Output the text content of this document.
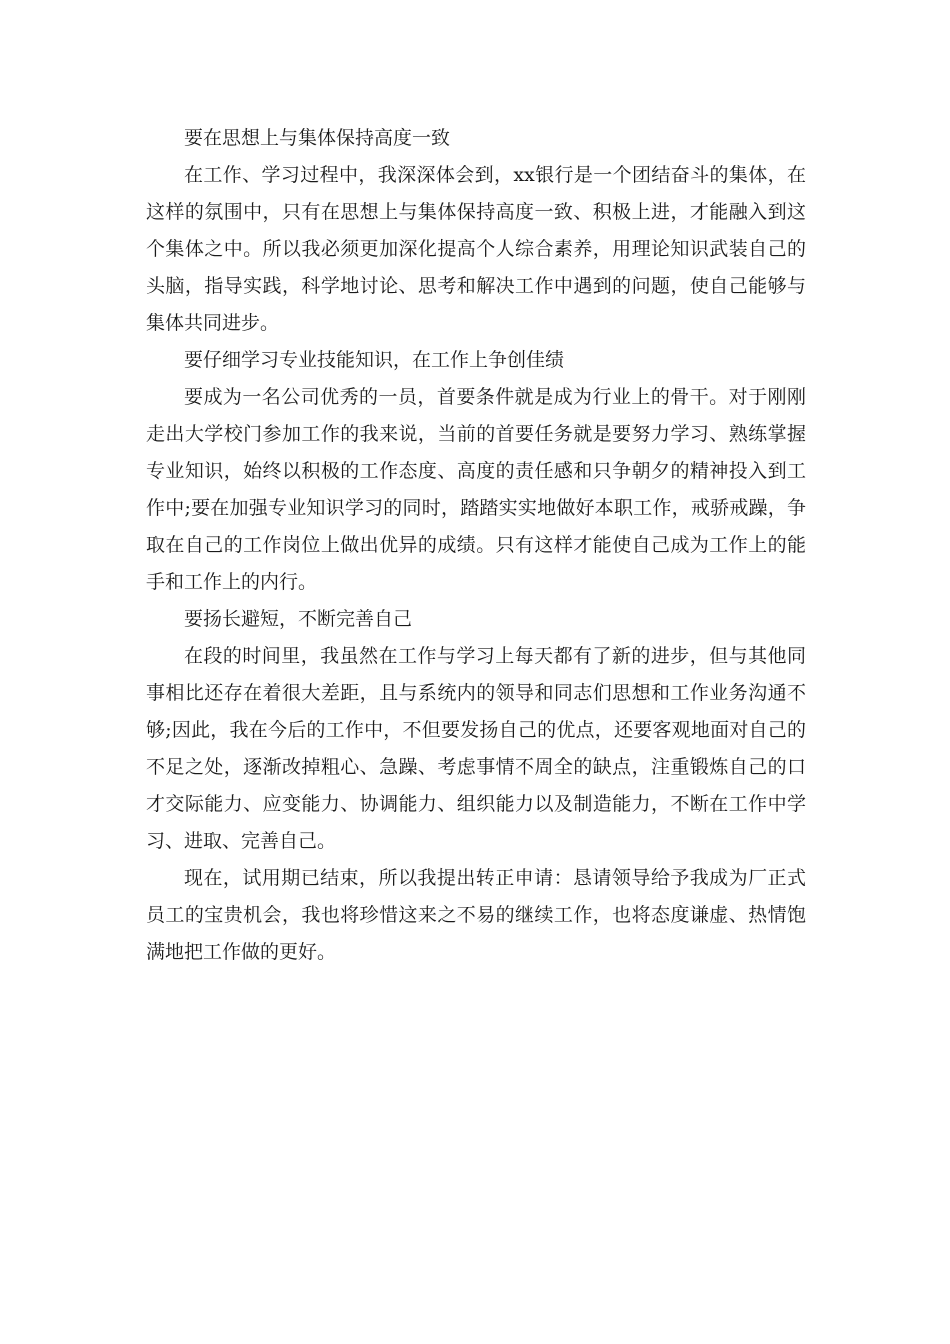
要在思想上与集体保持高度一致

在工作、学习过程中，我深深体会到，xx银行是一个团结奋斗的集体，在这样的氛围中，只有在思想上与集体保持高度一致、积极上进，才能融入到这个集体之中。所以我必须更加深化提高个人综合素养，用理论知识武装自己的头脑，指导实践，科学地讨论、思考和解决工作中遇到的问题，使自己能够与集体共同进步。

要仔细学习专业技能知识，在工作上争创佳绩

要成为一名公司优秀的一员，首要条件就是成为行业上的骨干。对于刚刚走出大学校门参加工作的我来说，当前的首要任务就是要努力学习、熟练掌握专业知识，始终以积极的工作态度、高度的责任感和只争朝夕的精神投入到工作中;要在加强专业知识学习的同时，踏踏实实地做好本职工作，戒骄戒躁，争取在自己的工作岗位上做出优异的成绩。只有这样才能使自己成为工作上的能手和工作上的内行。

要扬长避短，不断完善自己

在段的时间里，我虽然在工作与学习上每天都有了新的进步，但与其他同事相比还存在着很大差距，且与系统内的领导和同志们思想和工作业务沟通不够;因此，我在今后的工作中，不但要发扬自己的优点，还要客观地面对自己的不足之处，逐渐改掉粗心、急躁、考虑事情不周全的缺点，注重锻炼自己的口才交际能力、应变能力、协调能力、组织能力以及制造能力，不断在工作中学习、进取、完善自己。

现在，试用期已结束，所以我提出转正申请：恳请领导给予我成为厂正式员工的宝贵机会，我也将珍惜这来之不易的继续工作，也将态度谦虚、热情饱满地把工作做的更好。
